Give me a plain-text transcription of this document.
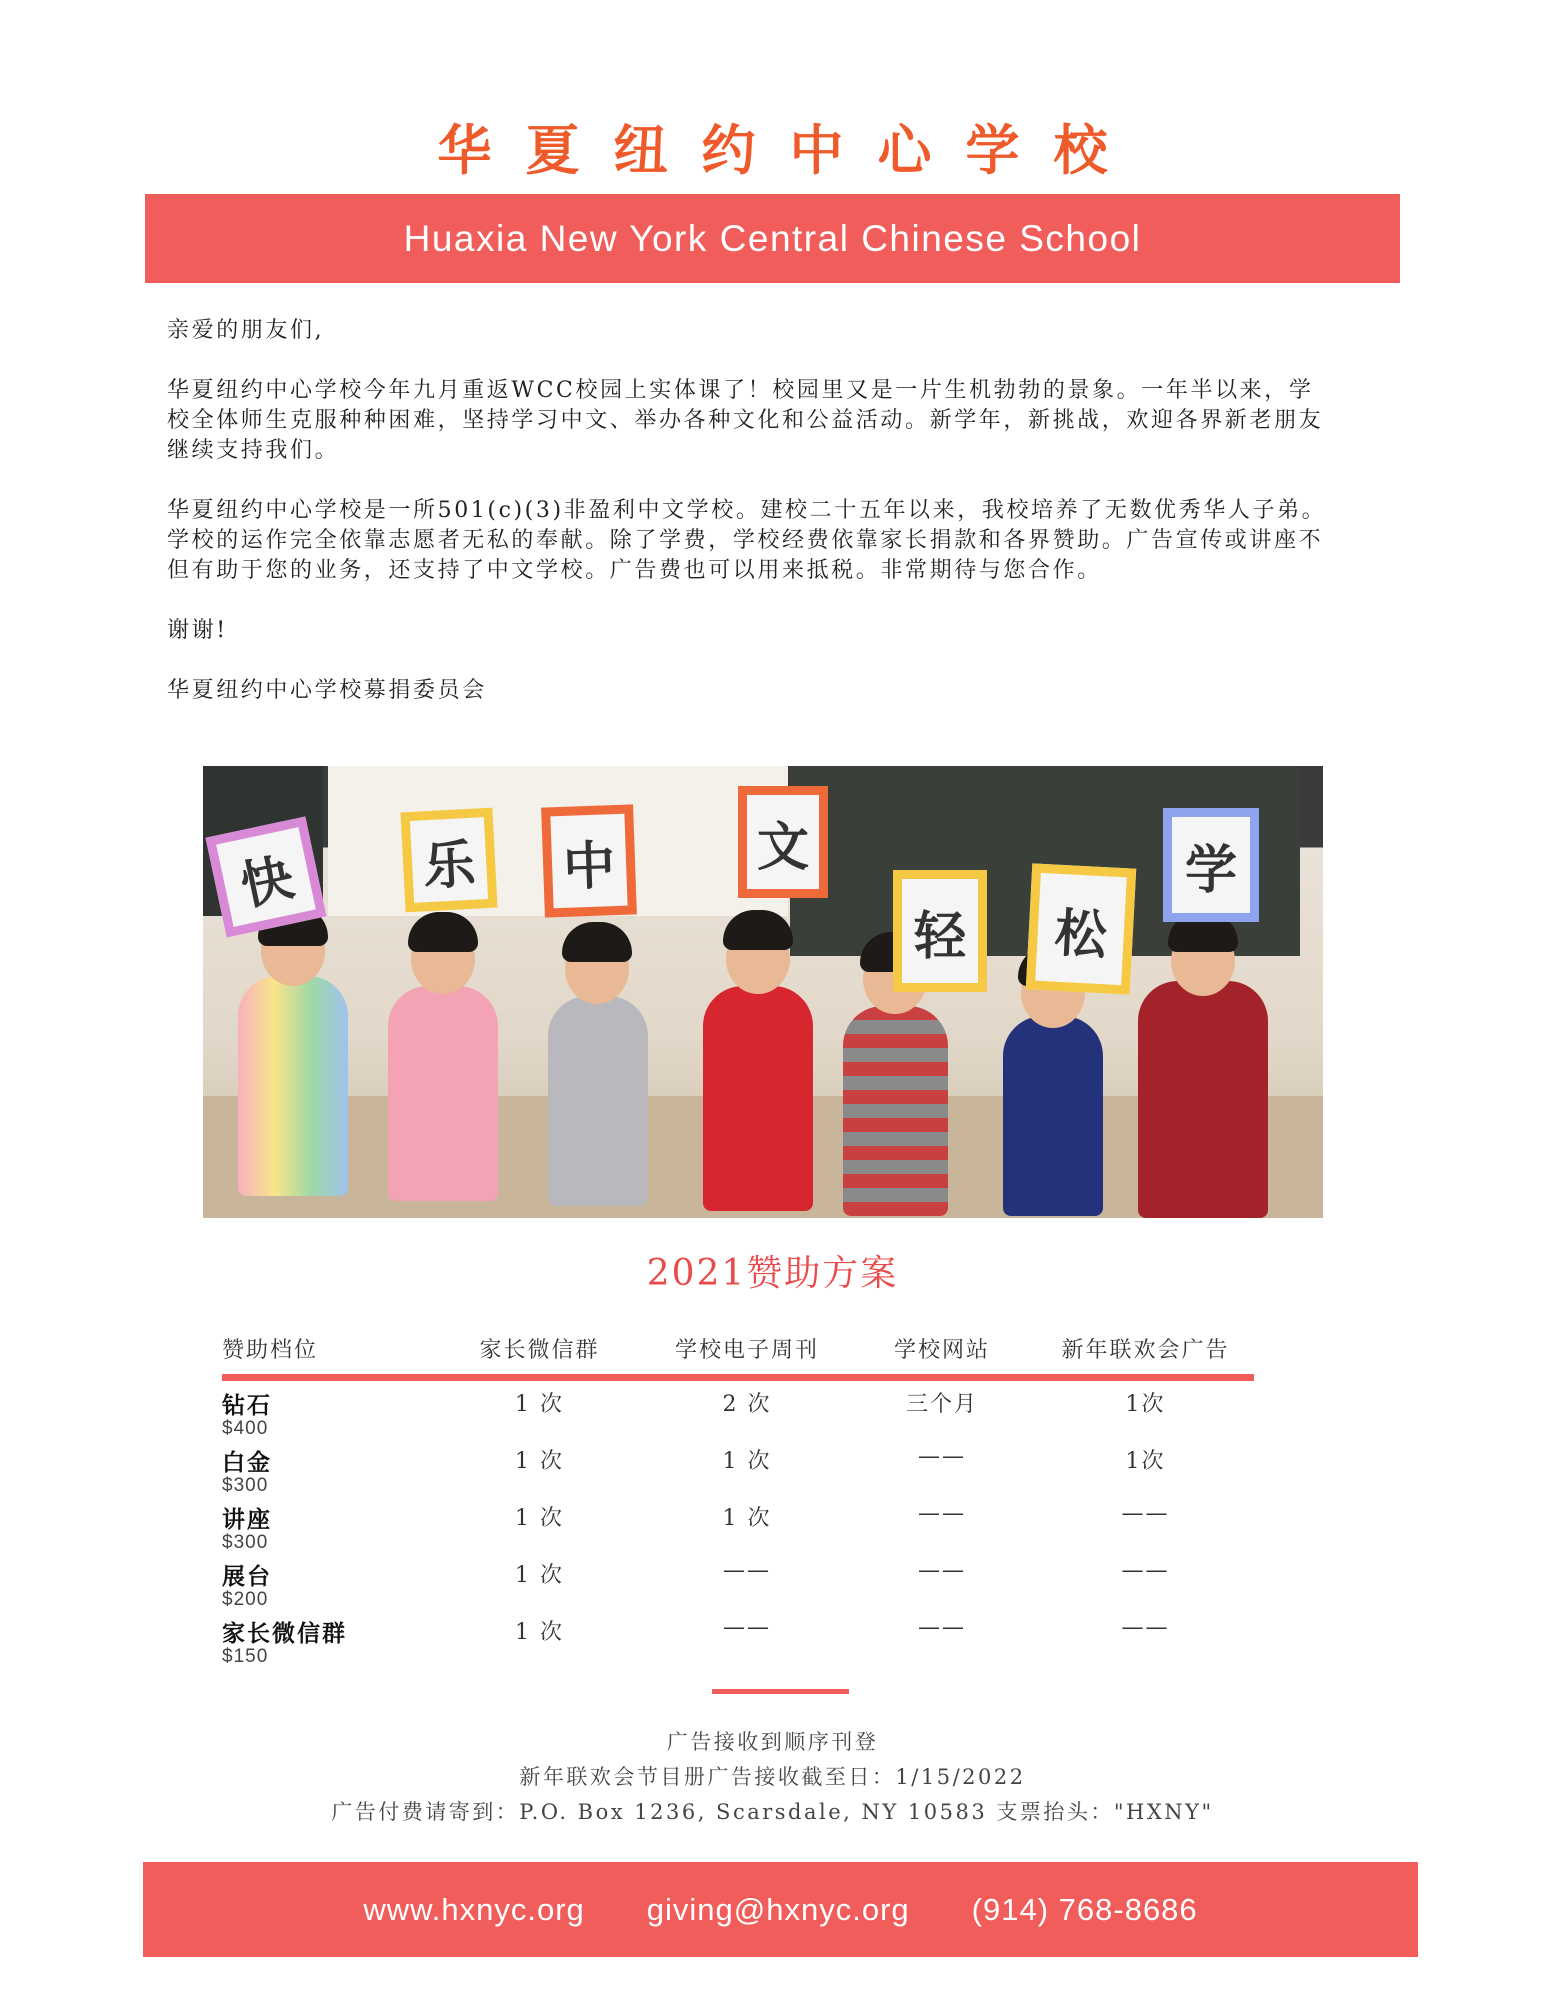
华夏纽约中心学校
Huaxia New York Central Chinese School

亲爱的朋友们,

华夏纽约中心学校今年九月重返WCC校园上实体课了！校园里又是一片生机勃勃的景象。一年半以来，学校全体师生克服种种困难，坚持学习中文、举办各种文化和公益活动。新学年，新挑战，欢迎各界新老朋友继续支持我们。

华夏纽约中心学校是一所501(c)(3)非盈利中文学校。建校二十五年以来，我校培养了无数优秀华人子弟。学校的运作完全依靠志愿者无私的奉献。除了学费，学校经费依靠家长捐款和各界赞助。广告宣传或讲座不但有助于您的业务，还支持了中文学校。广告费也可以用来抵税。非常期待与您合作。

谢谢!

华夏纽约中心学校募捐委员会

快 乐 中	文
轻 松
学
2021赞助方案
赞助档位	家长微信群	学校电子周刊	学校网站	新年联欢会广告

钻石
$400	1 次	2 次	三个月	1次

白金
$300	1 次	1 次	——	1次

讲座
$300	1 次	1 次	——	——

展台
$200	1 次	——	——	——

家长微信群
$150	1 次	——	——	——
广告接收到顺序刊登
新年联欢会节目册广告接收截至日：1/15/2022
广告付费请寄到：P.O. Box 1236, Scarsdale, NY 10583 支票抬头："HXNY"
www.hxnyc.org giving@hxnyc.org (914) 768-8686
